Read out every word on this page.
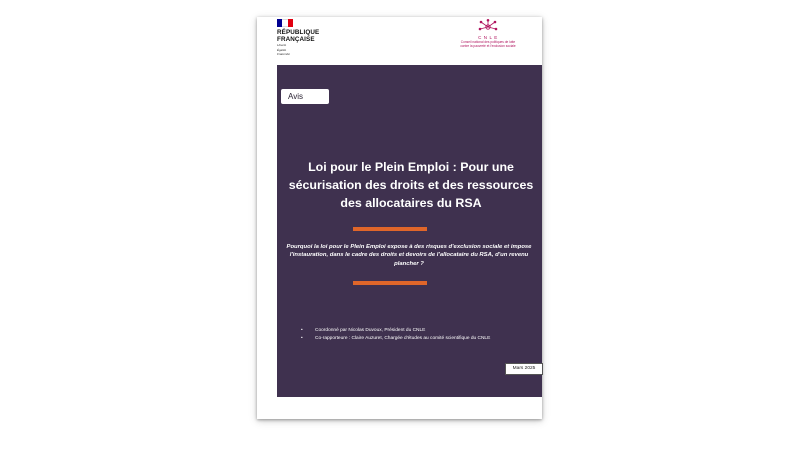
RÉPUBLIQUE
FRANÇAISE
Liberté
Égalité
Fraternité
C N L E
Conseil national des politiques de lutte
contre la pauvreté et l'exclusion sociale
Avis
Loi pour le Plein Emploi : Pour une sécurisation des droits et des ressources des allocataires du RSA
Pourquoi la loi pour le Plein Emploi expose à des risques d'exclusion sociale et impose l'instauration, dans le cadre des droits et devoirs de l'allocataire du RSA, d'un revenu plancher ?
•	Coordonné par Nicolas Duvoux, Président du CNLE
•	Co-rapporteure : Claire Auzuret, Chargée d'études au comité scientifique du CNLE
Mars 2025
